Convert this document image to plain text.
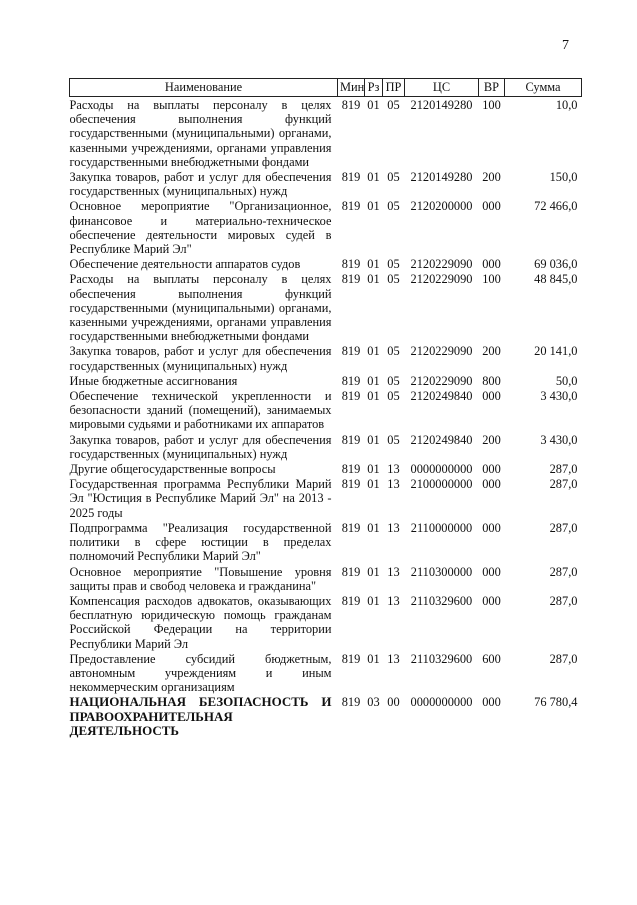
7
Наименование	Мин	Рз	ПР	ЦС	ВР	Сумма
Расходы на выплаты персоналу в целях обеспечения выполнения функций государственными (муниципальными) органами, казенными учреждениями, органами управления государственными внебюджетными фондами	819	01	05	2120149280	100	10,0
Закупка товаров, работ и услуг для обеспечения государственных (муниципальных) нужд	819	01	05	2120149280	200	150,0
Основное мероприятие "Организационное, финансовое и материально-техническое обеспечение деятельности мировых судей в Республике Марий Эл"	819	01	05	2120200000	000	72 466,0
Обеспечение деятельности аппаратов судов	819	01	05	2120229090	000	69 036,0
Расходы на выплаты персоналу в целях обеспечения выполнения функций государственными (муниципальными) органами, казенными учреждениями, органами управления государственными внебюджетными фондами	819	01	05	2120229090	100	48 845,0
Закупка товаров, работ и услуг для обеспечения государственных (муниципальных) нужд	819	01	05	2120229090	200	20 141,0
Иные бюджетные ассигнования	819	01	05	2120229090	800	50,0
Обеспечение технической укрепленности и безопасности зданий (помещений), занимаемых мировыми судьями и работниками их аппаратов	819	01	05	2120249840	000	3 430,0
Закупка товаров, работ и услуг для обеспечения государственных (муниципальных) нужд	819	01	05	2120249840	200	3 430,0
Другие общегосударственные вопросы	819	01	13	0000000000	000	287,0
Государственная программа Республики Марий Эл "Юстиция в Республике Марий Эл" на 2013 - 2025 годы	819	01	13	2100000000	000	287,0
Подпрограмма "Реализация государственной политики в сфере юстиции в пределах полномочий Республики Марий Эл"	819	01	13	2110000000	000	287,0
Основное мероприятие "Повышение уровня защиты прав и свобод человека и гражданина"	819	01	13	2110300000	000	287,0
Компенсация расходов адвокатов, оказывающих бесплатную юридическую помощь гражданам Российской Федерации на территории Республики Марий Эл	819	01	13	2110329600	000	287,0
Предоставление субсидий бюджетным, автономным учреждениям и иным некоммерческим организациям	819	01	13	2110329600	600	287,0
НАЦИОНАЛЬНАЯ БЕЗОПАСНОСТЬ И ПРАВООХРАНИТЕЛЬНАЯ ДЕЯТЕЛЬНОСТЬ	819	03	00	0000000000	000	76 780,4
